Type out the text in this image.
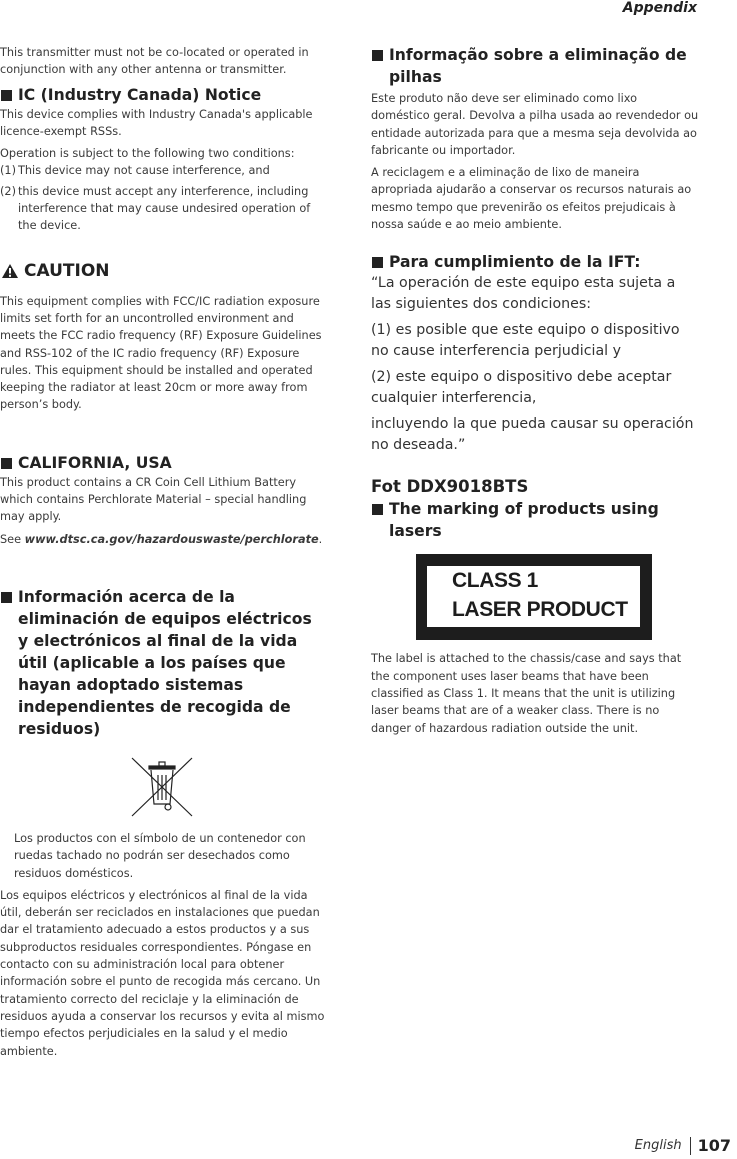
Appendix

This transmitter must not be co-located or operated in conjunction with any other antenna or transmitter.

IC (Industry Canada) Notice

This device complies with Industry Canada's applicable licence-exempt RSSs.

Operation is subject to the following two conditions:

(1) This device may not cause interference, and
(2) this device must accept any interference, including interference that may cause undesired operation of the device.
CAUTION

This equipment complies with FCC/IC radiation exposure limits set forth for an uncontrolled environment and meets the FCC radio frequency (RF) Exposure Guidelines and RSS-102 of the IC radio frequency (RF) Exposure rules. This equipment should be installed and operated keeping the radiator at least 20cm or more away from person’s body.

CALIFORNIA, USA

This product contains a CR Coin Cell Lithium Battery which contains Perchlorate Material – special handling may apply.

See www.dtsc.ca.gov/hazardouswaste/perchlorate.

Información acerca de la eliminación de equipos eléctricos y electrónicos al final de la vida útil (aplicable a los países que hayan adoptado sistemas independientes de recogida de residuos)

Los productos con el símbolo de un contenedor con ruedas tachado no podrán ser desechados como residuos domésticos.

Los equipos eléctricos y electrónicos al final de la vida útil, deberán ser reciclados en instalaciones que puedan dar el tratamiento adecuado a estos productos y a sus subproductos residuales correspondientes. Póngase en contacto con su administración local para obtener información sobre el punto de recogida más cercano. Un tratamiento correcto del reciclaje y la eliminación de residuos ayuda a conservar los recursos y evita al mismo tiempo efectos perjudiciales en la salud y el medio ambiente.

Informação sobre a eliminação de pilhas

Este produto não deve ser eliminado como lixo doméstico geral. Devolva a pilha usada ao revendedor ou entidade autorizada para que a mesma seja devolvida ao fabricante ou importador.

A reciclagem e a eliminação de lixo de maneira apropriada ajudarão a conservar os recursos naturais ao mesmo tempo que prevenirão os efeitos prejudicais à nossa saúde e ao meio ambiente.

Para cumplimiento de la IFT:

“La operación de este equipo esta sujeta a las siguientes dos condiciones:

(1) es posible que este equipo o dispositivo no cause interferencia perjudicial y

(2) este equipo o dispositivo debe aceptar cualquier interferencia,

incluyendo la que pueda causar su operación no deseada.”

Fot DDX9018BTS
The marking of products using lasers
CLASS 1
LASER PRODUCT

The label is attached to the chassis/case and says that the component uses laser beams that have been classified as Class 1. It means that the unit is utilizing laser beams that are of a weaker class. There is no danger of hazardous radiation outside the unit.

English 107
